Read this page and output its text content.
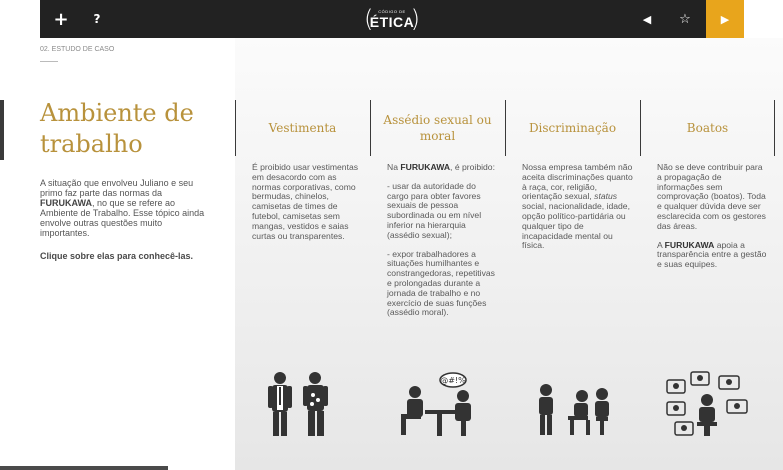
+	?	(	CÓDIGO DE
ÉTICA
)	◀	☆	▶
02. ESTUDO DE CASO
Ambiente de trabalho
A situação que envolveu Juliano e seu primo faz parte das normas da FURUKAWA, no que se refere ao Ambiente de Trabalho. Esse tópico ainda envolve outras questões muito importantes.
Clique sobre elas para conhecê-las.
Vestimenta

É proibido usar vestimentas em desacordo com as normas corporativas, como bermudas, chinelos, camisetas de times de futebol, camisetas sem mangas, vestidos e saias curtas ou transparentes.

Assédio sexual ou moral

Na FURUKAWA, é proibido:

- usar da autoridade do cargo para obter favores sexuais de pessoa subordinada ou em nível inferior na hierarquia (assédio sexual);

- expor trabalhadores a situações humilhantes e constrangedoras, repetitivas e prolongadas durante a jornada de trabalho e no exercício de suas funções (assédio moral).

@#!%
Discriminação

Nossa empresa também não aceita discriminações quanto à raça, cor, religião, orientação sexual, status social, nacionalidade, idade, opção político-partidária ou qualquer tipo de incapacidade mental ou física.

Boatos

Não se deve contribuir para a propagação de informações sem comprovação (boatos). Toda e qualquer dúvida deve ser esclarecida com os gestores das áreas.

A FURUKAWA apoia a transparência entre a gestão e suas equipes.
